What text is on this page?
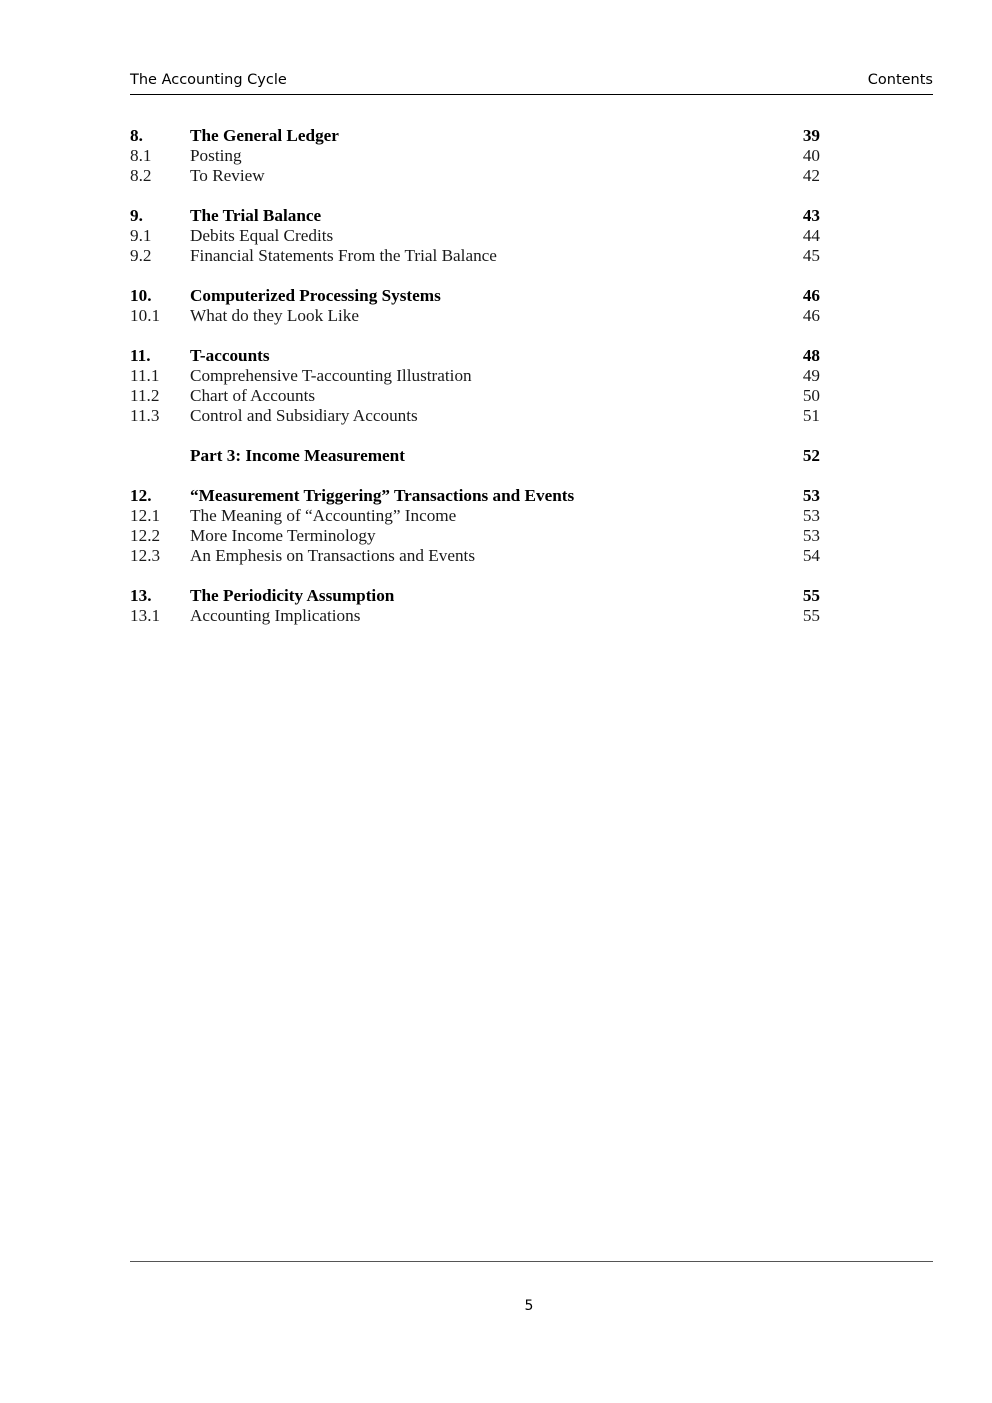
The Accounting Cycle	Contents
8.	The General Ledger	39
8.1 Posting	40
8.2 To Review	42
9.	The Trial Balance	43
9.1 Debits Equal Credits	44
9.2 Financial Statements From the Trial Balance	45
10. Computerized Processing Systems	46
10.1 What do they Look Like	46
11. T-accounts	48
11.1 Comprehensive T-accounting Illustration	49
11.2 Chart of Accounts	50
11.3 Control and Subsidiary Accounts	51
Part 3: Income Measurement	52
12. “Measurement Triggering” Transactions and Events	53
12.1 The Meaning of “Accounting” Income	53
12.2 More Income Terminology	53
12.3 An Emphesis on Transactions and Events	54
13. The Periodicity Assumption	55
13.1 Accounting Implications	55
5
